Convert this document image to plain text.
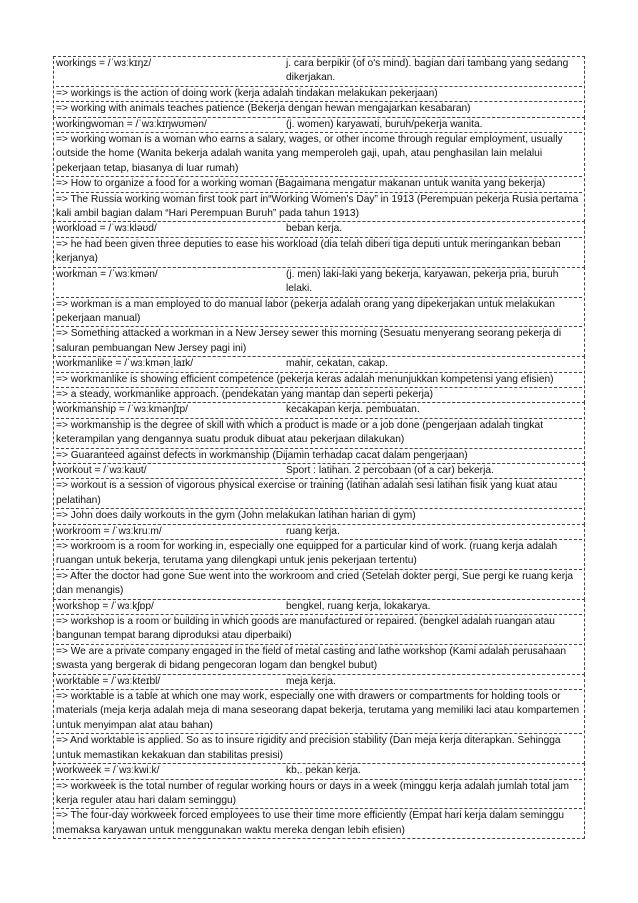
workings = /ˈwɜːkɪŋz/	j. cara berpikir (of o's mind). bagian dari tambang yang sedang dikerjakan.
=> workings is the action of doing work (kerja adalah tindakan melakukan pekerjaan)
=> working with animals teaches patience (Bekerja dengan hewan mengajarkan kesabaran)
workingwoman = /ˈwɜːkɪŋwʊmən/	(j. women) karyawati, buruh/pekerja wanita.
=> working woman is a woman who earns a salary, wages, or other income through regular employment, usually outside the home (Wanita bekerja adalah wanita yang memperoleh gaji, upah, atau penghasilan lain melalui pekerjaan tetap, biasanya di luar rumah)
=> How to organize a food for a working woman (Bagaimana mengatur makanan untuk wanita yang bekerja)
=> The Russia working woman first took part in“Working Women's Day” in 1913 (Perempuan pekerja Rusia pertama kali ambil bagian dalam “Hari Perempuan Buruh” pada tahun 1913)
workload = /ˈwɜːkləʊd/	beban kerja.
=> he had been given three deputies to ease his workload (dia telah diberi tiga deputi untuk meringankan beban kerjanya)
workman = /ˈwɜːkmən/	(j. men) laki-laki yang bekerja, karyawan, pekerja pria, buruh lelaki.
=> workman is a man employed to do manual labor (pekerja adalah orang yang dipekerjakan untuk melakukan pekerjaan manual)
=> Something attacked a workman in a New Jersey sewer this morning (Sesuatu menyerang seorang pekerja di saluran pembuangan New Jersey pagi ini)
workmanlike = /ˈwɜːkmənˌlaɪk/	mahir, cekatan, cakap.
=> workmanlike is showing efficient competence (pekerja keras adalah menunjukkan kompetensi yang efisien)
=> a steady, workmanlike approach. (pendekatan yang mantap dan seperti pekerja)
workmanship = /ˈwɜːkmənʃɪp/	kecakapan kerja. pembuatan.
=> workmanship is the degree of skill with which a product is made or a job done (pengerjaan adalah tingkat keterampilan yang dengannya suatu produk dibuat atau pekerjaan dilakukan)
=> Guaranteed against defects in workmanship (Dijamin terhadap cacat dalam pengerjaan)
workout = /ˈwɜːkaʊt/	Sport : latihan. 2 percobaan (of a car) bekerja.
=> workout is a session of vigorous physical exercise or training (latihan adalah sesi latihan fisik yang kuat atau pelatihan)
=> John does daily workouts in the gym (John melakukan latihan harian di gym)
workroom = /ˈwɜːkruːm/	ruang kerja.
=> workroom is a room for working in, especially one equipped for a particular kind of work. (ruang kerja adalah ruangan untuk bekerja, terutama yang dilengkapi untuk jenis pekerjaan tertentu)
=> After the doctor had gone Sue went into the workroom and cried (Setelah dokter pergi, Sue pergi ke ruang kerja dan menangis)
workshop = /ˈwɜːkʃɒp/	bengkel, ruang kerja, lokakarya.
=> workshop is a room or building in which goods are manufactured or repaired. (bengkel adalah ruangan atau bangunan tempat barang diproduksi atau diperbaiki)
=> We are a private company engaged in the field of metal casting and lathe workshop (Kami adalah perusahaan swasta yang bergerak di bidang pengecoran logam dan bengkel bubut)
worktable = /ˈwɜːkteɪbl/	meja kerja.
=> worktable is a table at which one may work, especially one with drawers or compartments for holding tools or materials (meja kerja adalah meja di mana seseorang dapat bekerja, terutama yang memiliki laci atau kompartemen untuk menyimpan alat atau bahan)
=> And worktable is applied. So as to insure rigidity and precision stability (Dan meja kerja diterapkan. Sehingga untuk memastikan kekakuan dan stabilitas presisi)
workweek = /ˈwɜːkwiːk/	kb,. pekan kerja.
=> workweek is the total number of regular working hours or days in a week (minggu kerja adalah jumlah total jam kerja reguler atau hari dalam seminggu)
=> The four-day workweek forced employees to use their time more efficiently (Empat hari kerja dalam seminggu memaksa karyawan untuk menggunakan waktu mereka dengan lebih efisien)
